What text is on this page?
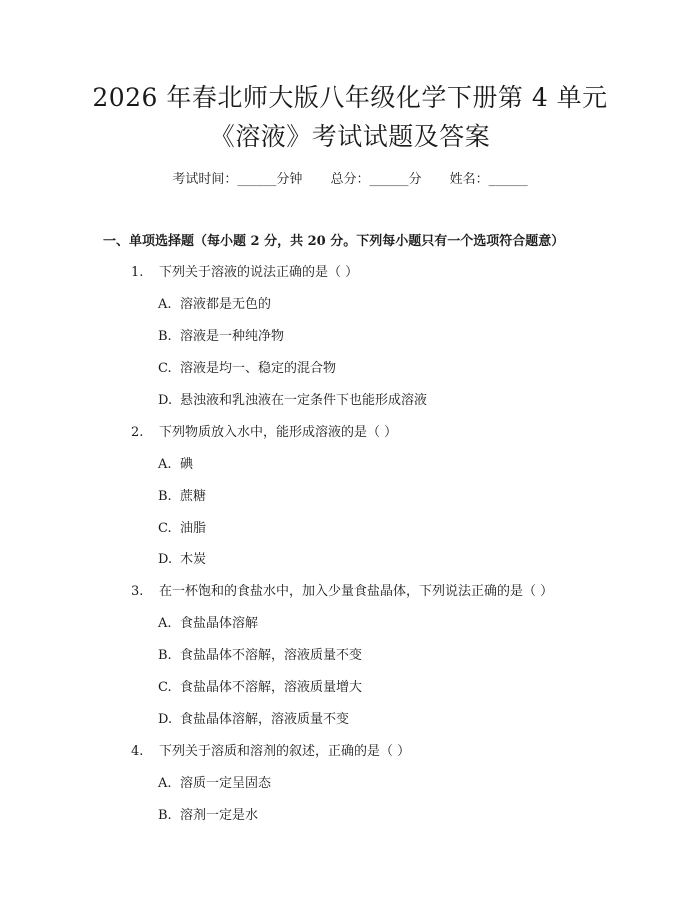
2026 年春北师大版八年级化学下册第 4 单元
《溶液》考试试题及答案
考试时间：______分钟 总分：______分 姓名：______
一、单项选择题（每小题 2 分，共 20 分。下列每小题只有一个选项符合题意）
1. 下列关于溶液的说法正确的是（ ）
A. 溶液都是无色的
B. 溶液是一种纯净物
C. 溶液是均一、稳定的混合物
D. 悬浊液和乳浊液在一定条件下也能形成溶液
2. 下列物质放入水中，能形成溶液的是（ ）
A. 碘
B. 蔗糖
C. 油脂
D. 木炭
3. 在一杯饱和的食盐水中，加入少量食盐晶体，下列说法正确的是（ ）
A. 食盐晶体溶解
B. 食盐晶体不溶解，溶液质量不变
C. 食盐晶体不溶解，溶液质量增大
D. 食盐晶体溶解，溶液质量不变
4. 下列关于溶质和溶剂的叙述，正确的是（ ）
A. 溶质一定呈固态
B. 溶剂一定是水
